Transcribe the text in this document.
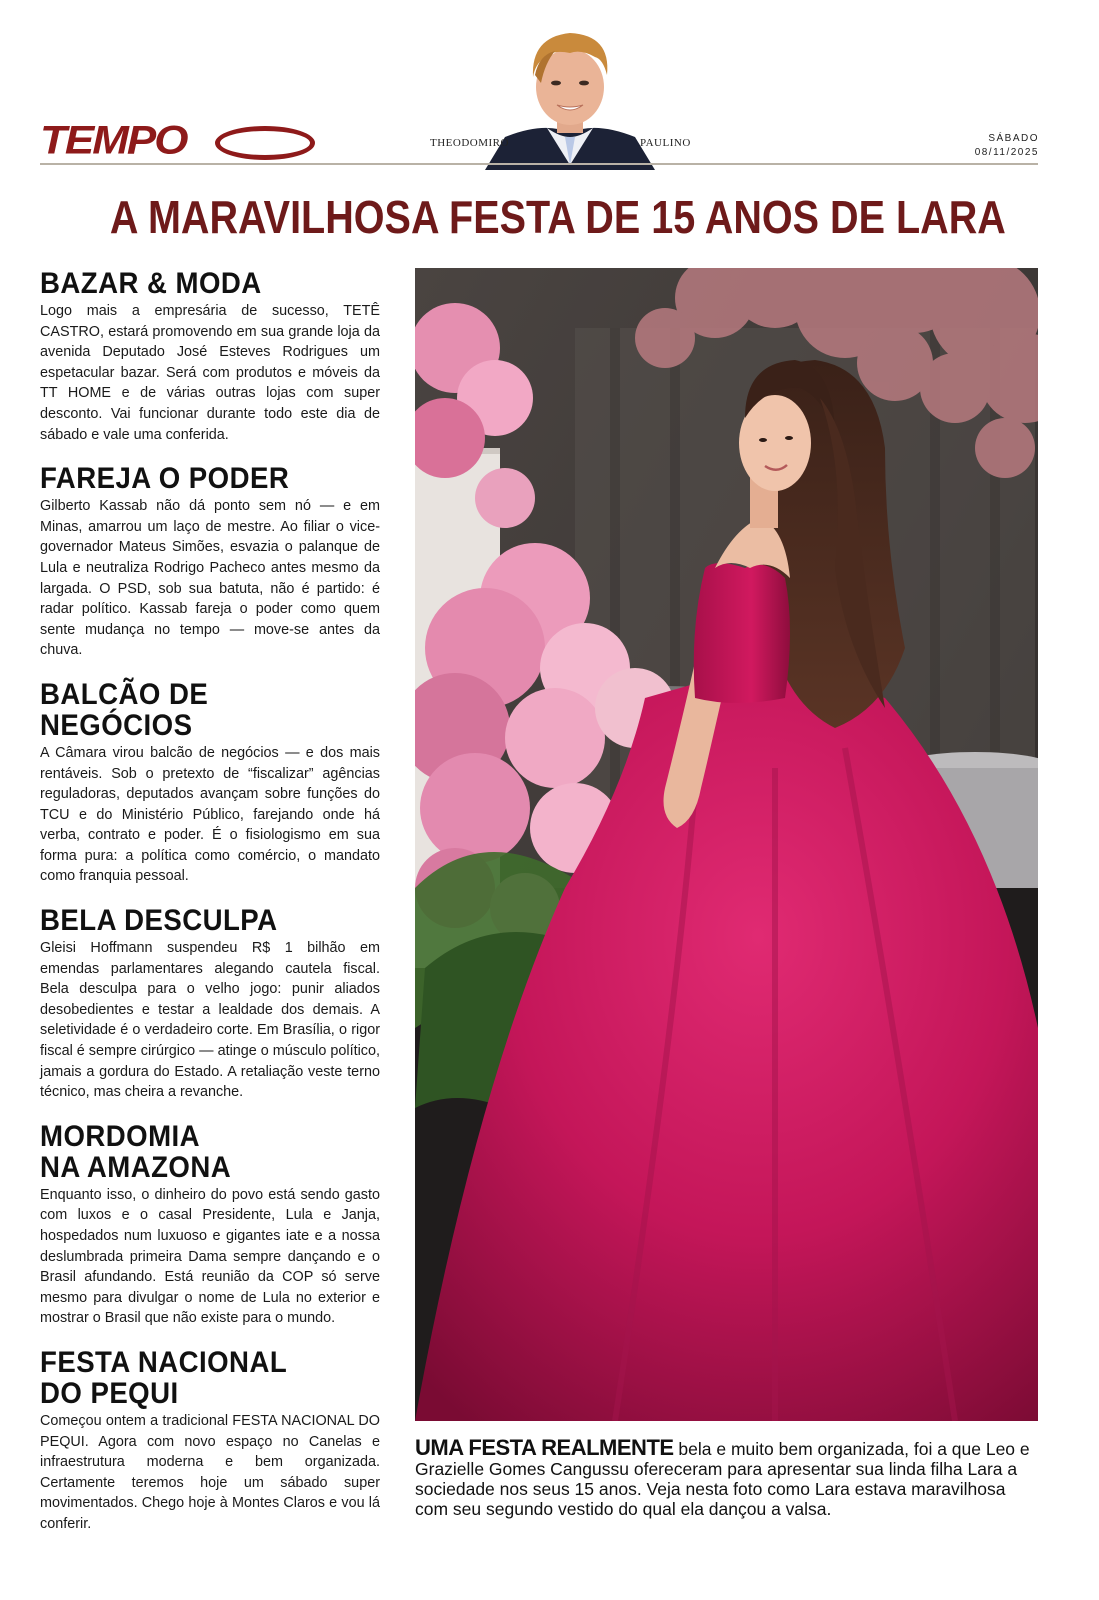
TEMPO	THEODOMIRO	PAULINO	SÁBADO
08/11/2025
A MARAVILHOSA FESTA DE 15 ANOS DE LARA
BAZAR & MODA

Logo mais a empresária de sucesso, TETÊ CASTRO, estará promovendo em sua grande loja da avenida Deputado José Esteves Rodrigues um espetacular bazar. Será com produtos e móveis da TT HOME e de várias outras lojas com super desconto. Vai funcionar durante todo este dia de sábado e vale uma conferida.

FAREJA O PODER

Gilberto Kassab não dá ponto sem nó — e em Minas, amarrou um laço de mestre. Ao filiar o vice-governador Mateus Simões, esvazia o palanque de Lula e neutraliza Rodrigo Pacheco antes mesmo da largada. O PSD, sob sua batuta, não é partido: é radar político. Kassab fareja o poder como quem sente mudança no tempo — move-se antes da chuva.

BALCÃO DE NEGÓCIOS

A Câmara virou balcão de negócios — e dos mais rentáveis. Sob o pretexto de “fiscalizar” agências reguladoras, deputados avançam sobre funções do TCU e do Ministério Público, farejando onde há verba, contrato e poder. É o fisiologismo em sua forma pura: a política como comércio, o mandato como franquia pessoal.

BELA DESCULPA

Gleisi Hoffmann suspendeu R$ 1 bilhão em emendas parlamentares alegando cautela fiscal. Bela desculpa para o velho jogo: punir aliados desobedientes e testar a lealdade dos demais. A seletividade é o verdadeiro corte. Em Brasília, o rigor fiscal é sempre cirúrgico — atinge o músculo político, jamais a gordura do Estado. A retaliação veste terno técnico, mas cheira a revanche.

MORDOMIA
NA AMAZONA

Enquanto isso, o dinheiro do povo está sendo gasto com luxos e o casal Presidente, Lula e Janja, hospedados num luxuoso e gigantes iate e a nossa deslumbrada primeira Dama sempre dançando e o Brasil afundando. Está reunião da COP só serve mesmo para divulgar o nome de Lula no exterior e mostrar o Brasil que não existe para o mundo.

FESTA NACIONAL
DO PEQUI

Começou ontem a tradicional FESTA NACIONAL DO PEQUI. Agora com novo espaço no Canelas e infraestrutura moderna e bem organizada. Certamente teremos hoje um sábado super movimentados. Chego hoje à Montes Claros e vou lá conferir.

UMA FESTA REALMENTE bela e muito bem organizada, foi a que Leo e Grazielle Gomes Cangussu ofereceram para apresentar sua linda filha Lara a sociedade nos seus 15 anos. Veja nesta foto como Lara estava maravilhosa com seu segundo vestido do qual ela dançou a valsa.
